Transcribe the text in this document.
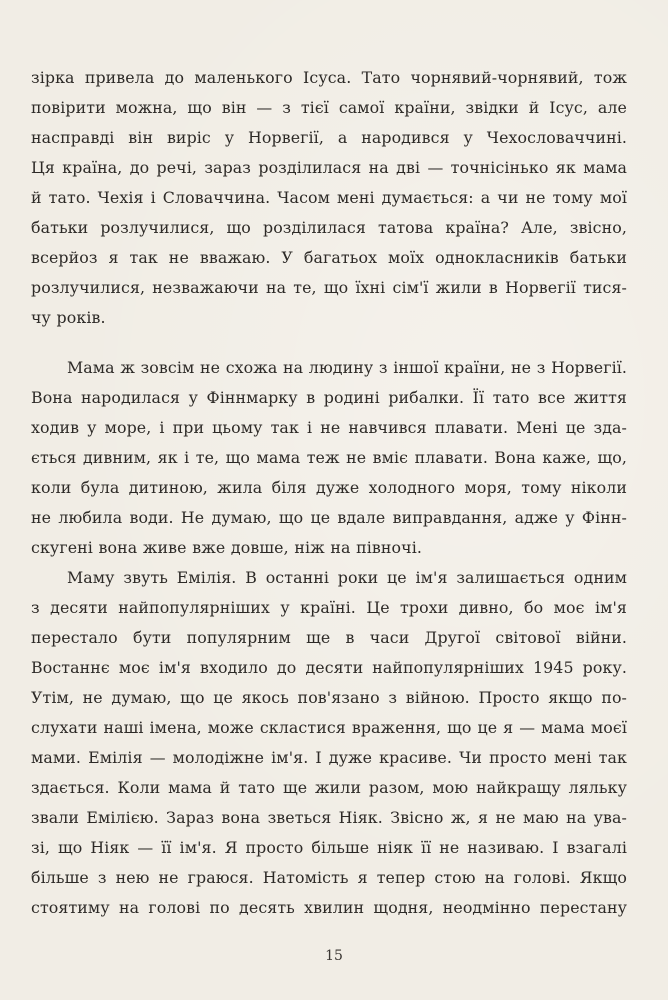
зірка привела до маленького Ісуса. Тато чорнявий-чорнявий, тож
повірити можна, що він — з тієї самої країни, звідки й Ісус, але
насправді він виріс у Норвегії, а народився у Чехословаччині.
Ця країна, до речі, зараз розділилася на дві — точнісінько як мама
й тато. Чехія і Словаччина. Часом мені думається: а чи не тому мої
батьки розлучилися, що розділилася татова країна? Але, звісно,
всерйоз я так не вважаю. У багатьох моїх однокласників батьки
розлучилися, незважаючи на те, що їхні сім'ї жили в Норвегії тися-
чу років.
Мама ж зовсім не схожа на людину з іншої країни, не з Норвегії.
Вона народилася у Фіннмарку в родині рибалки. Її тато все життя
ходив у море, і при цьому так і не навчився плавати. Мені це зда-
ється дивним, як і те, що мама теж не вміє плавати. Вона каже, що,
коли була дитиною, жила біля дуже холодного моря, тому ніколи
не любила води. Не думаю, що це вдале виправдання, адже у Фінн-
скугені вона живе вже довше, ніж на півночі.
Маму звуть Емілія. В останні роки це ім'я залишається одним
з десяти найпопулярніших у країні. Це трохи дивно, бо моє ім'я
перестало бути популярним ще в часи Другої світової війни.
Востаннє моє ім'я входило до десяти найпопулярніших 1945 року.
Утім, не думаю, що це якось пов'язано з війною. Просто якщо по-
слухати наші імена, може скластися враження, що це я — мама моєї
мами. Емілія — молодіжне ім'я. І дуже красиве. Чи просто мені так
здається. Коли мама й тато ще жили разом, мою найкращу ляльку
звали Емілією. Зараз вона зветься Ніяк. Звісно ж, я не маю на ува-
зі, що Ніяк — її ім'я. Я просто більше ніяк її не називаю. І взагалі
більше з нею не граюся. Натомість я тепер стою на голові. Якщо
стоятиму на голові по десять хвилин щодня, неодмінно перестану
15
